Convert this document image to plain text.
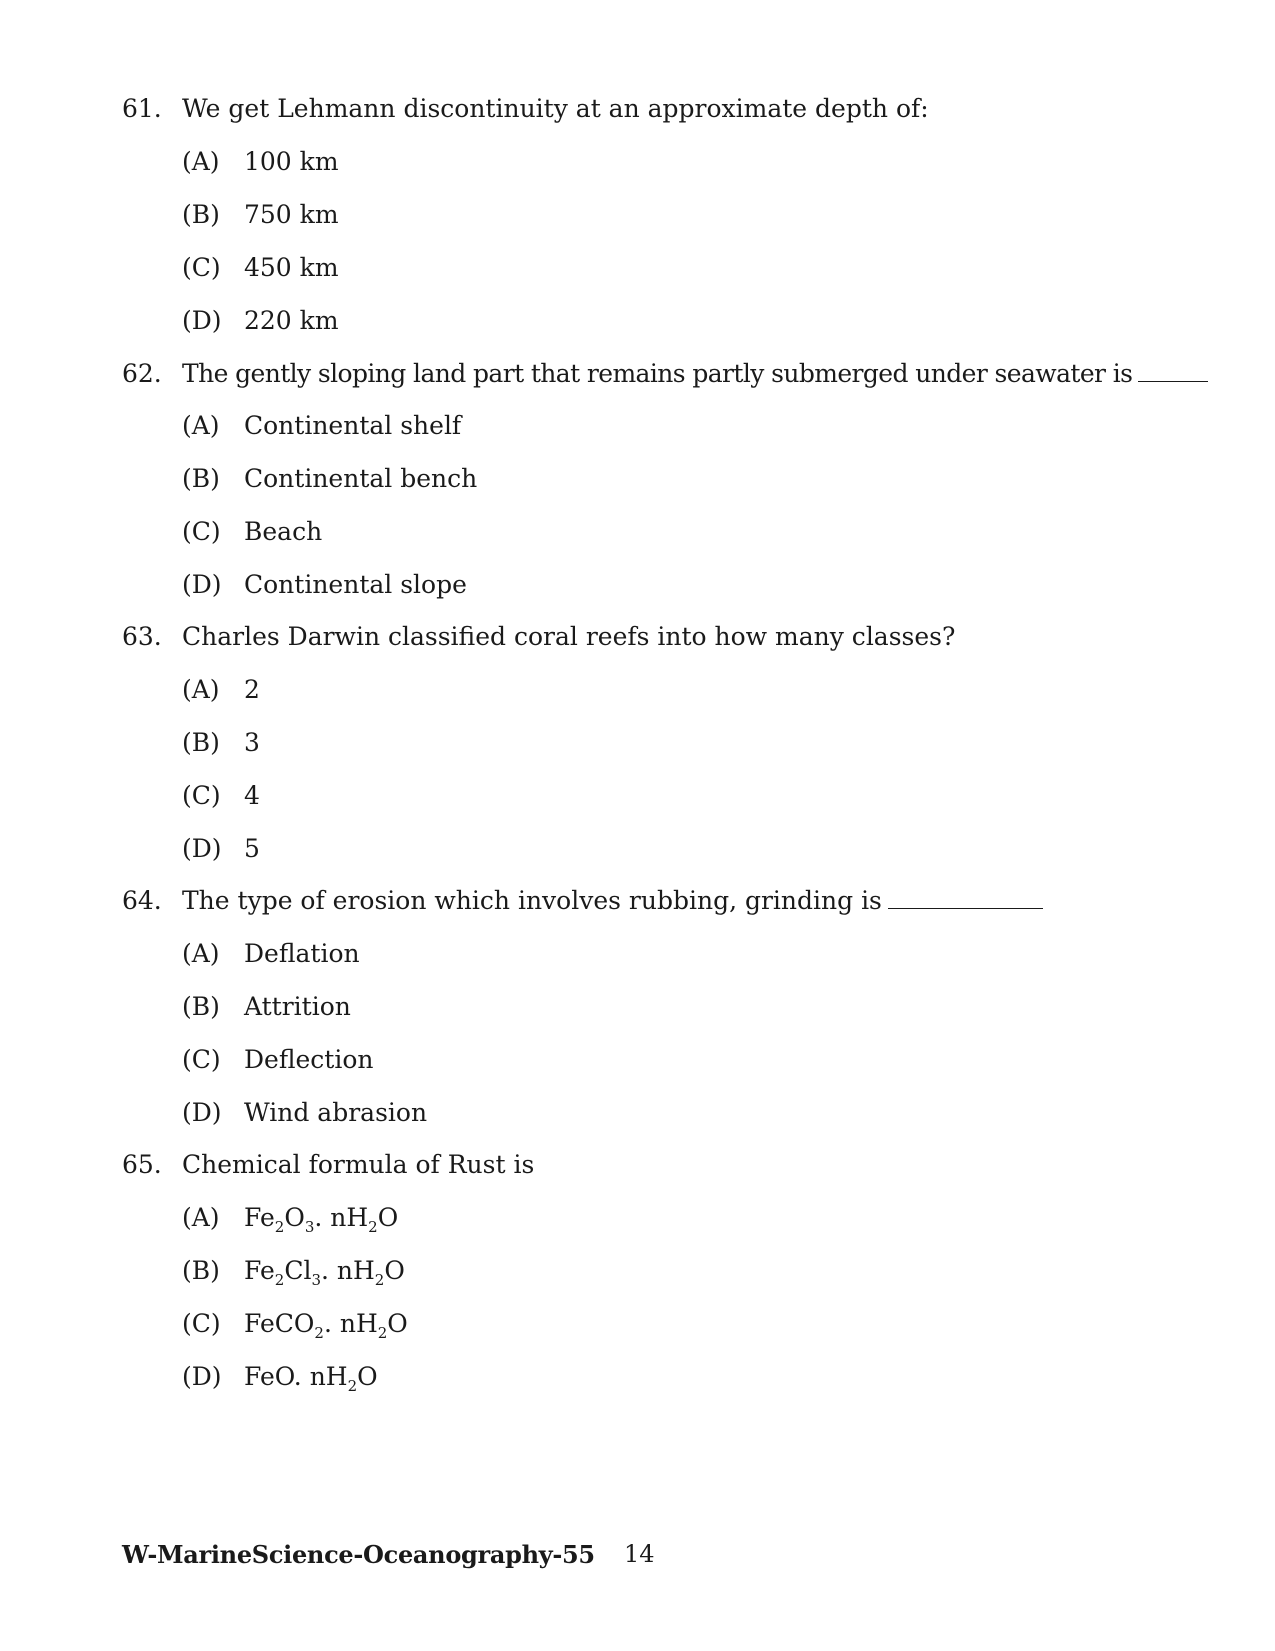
61. We get Lehmann discontinuity at an approximate depth of:
(A) 100 km
(B) 750 km
(C) 450 km
(D) 220 km
62. The gently sloping land part that remains partly submerged under seawater is
(A) Continental shelf
(B) Continental bench
(C) Beach
(D) Continental slope
63. Charles Darwin classified coral reefs into how many classes?
(A) 2
(B) 3
(C) 4
(D) 5
64. The type of erosion which involves rubbing, grinding is
(A) Deflation
(B) Attrition
(C) Deflection
(D) Wind abrasion
65. Chemical formula of Rust is
(A) $Fe_2O_3$. $nH_2O$
(B) $Fe_2Cl_3$. $nH_2O$
(C) FeCO$_2$. $nH_2O$
(D) FeO. $nH_2O$
W-MarineScience-Oceanography-55 14
